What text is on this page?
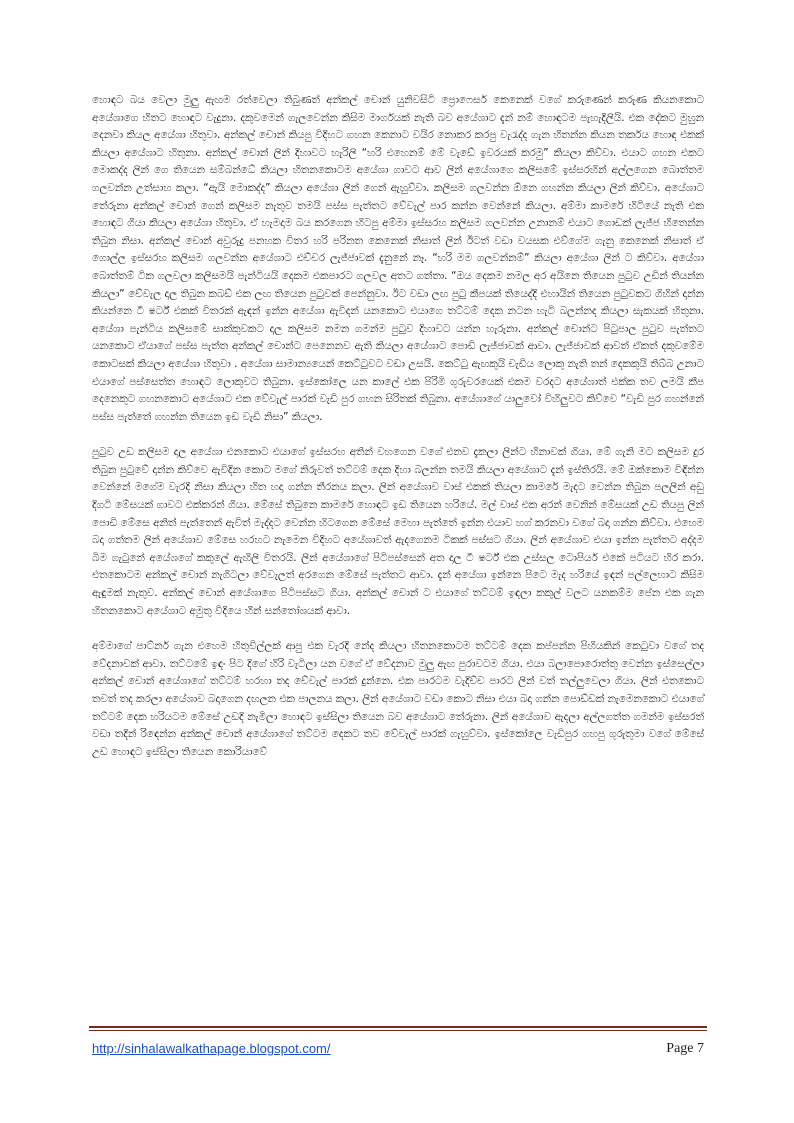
හොඳට බය වෙලා මුලු ඇඟම රත්වෙලා තිබුණත් අන්කල් චොන් යුනිවසිටි ප්‍රොෆෙසර් කෙනෙක් වගේ කරුණෙන් කරුණ කියනකොට අයේශාගෙ හිතට හොඳට වැදුනා. දකුවමෙන් ගැලවෙන්න කිසිම මාර්ගයක් නැති බව අයේශාට දැන් නම් හොඳටම පැහැදිලියි. එක දේකට මුහුන දෙනවා කියල අයේශා හිතුවා. අන්කල් චොන් කියපු විදිහට ගහන කෙනාට වයිර නොකර කරපු වැරැද්ද ගැන හිතන්න කියන තර්කය හොඳ එකක් කියලා අයේශාට හිතුනා. අන්කල් චොන් ලින් දිහාවට හැරිලි “හරි එහෙනම් මේ වැඩේ ඉවරයක් කරමු” කියලා කිව්වා. එයාට ගහන එකට මොකද්ද ලින් ගෙ තියෙන සම්බන්ධේ කියලා හිතනකොටම අයේශා ගාවට ආව ලින් අයේශාගෙ කලිසමේ ඉස්සරහින් අල්ලගෙන බොත්තම ගලවන්න උත්සාහ කලා. “ඇයි මොකද්ද” කියලා අයේශා ලින් ගෙන් ඇහුව්වා. කලිසම ගලවන්න ඕනෙ ගහන්න කියලා ලින් කිව්වා. අයේශාට තේරුනා අන්කල් චොන් ගෙන් කලිසම නැතුව තමයි පස්ස පැත්තට වේවැල් පාර කන්න වෙන්නේ කියලා. අම්මා කාමරේ හිටියේ නැති එක හොඳට ගියා කියලා අයේශා හිතුවා. ඒ හැමදාම බය කරගෙන හිටපු අම්මා ඉස්සරහ කලිසම ගලවන්න උනානම් එයාට ගොඩක් ලැජ්ජ හිතෙන්න තිබුන නිසා. අන්කල් චොන් අවුරුදු පනහක විතර හරි පරිනත කෙනෙක් නිසාත් ලින් ඊටත් වඩා වයසක එව්ගේම ගැනු කෙනෙක් නිසාත් ඒ ගොල්ල ඉස්සරහ කලිසම ගලවන්න අයේශාට එච්චර ලැජ්ජාවක් දැනුනේ නෑ. “හරි මම ගලවන්නම්” කියලා අයේශා ලින් ට කිව්වා. අයේශා බොත්තම් ටික ගලවලා කලිසමයි පැන්ටියයි දෙකම එකපාරට ගලවල අතට ගත්තා. “ඔය දෙකම නමල අර අයිනෙ තියෙන පුටුව උඩින් තියන්න කියලා” චේවැල දාල තිබුන කබඩ් එක ලඟ තියෙන පුටුවක් පෙන්නුවා. ඊට වඩා ලඟ පුටු කීපයක් තියෙද්දි එහායින් තියෙන පුටුවකට ගිහින් දාන්න කියන්නෙ ටී ෂර්ට් එකක් විතරක් ඇඳන් ඉන්න අයේශා ඇවිදන් යනකොට එයාගෙ තට්ටම් දෙක නටන හැටි බලන්නද කියලා සැකයක් හිතුනා. අයේශා පැන්ටිය කලිසමේ සාක්කුවකට දාල කලිසම නමන ගමන්ම පුටුව දිහාවට යන්න හැරුනා. අන්කල් චොන්ට පිටුපාල පුටුව පැත්තට යනකොට ඒයාගේ පස්ස පැත්ත අන්කල් චොන්ට පෙනෙනව ඇති කියලා අයේශාට පොඩි ලැජ්ජාවක් ආවා. ලැජ්ජාවක් ආවත් ඒකත් දකුවමේම කොටසක් කියලා අයේශා හිතුවා . අයේශා සාමාන්‍යයෙන් කෙට්ටුවට වඩා උසයි. කෙට්ටු ඇඟකුයි චැඩිය ලොකු නැති තන් දෙකකුයි තිබ්බ උනාට එයාගේ පස්සෙත්ත හොඳට ලොකුවට තිබුනා. ඉස්කෝලෙ යන කාලේ එක පිරිමි ගුරුවරයෙක් එකම වරදට අයේශාත් එක්ක තව ලමයි කීප දෙනෙකුට ගහනකොට අයේශාට එක වේවැල් පාරක් වැඩි පුර ගහන සිරිතක් තිබුනා. අයේශාගේ යාලුවෝ විහිලුවට කිව්වෙ “වැඩි පුර ගහන්නේ පස්ස පැත්තේ ගහන්න තියෙන ඉඩ වැඩි නිසා” කියලා.

පුටුව උඩ කලිසම දාල අයේශා එනකොට එයාගේ ඉස්සරහ අතින් වහගෙන වගේ එනව දැකලා ලින්ට හිනාවක් ගියා. මේ ගැනි මට කලිසම දුර තිබුන පුටුවේ දාන්න කිව්වෙ ඇවිදින කොට මගේ නිරුවත් තට්ටම් දෙක දිහා බලන්න තමයි කියලා අයේශාට දැන් ඉස්තිරයි. මේ ඔක්කොම විඳින්න වෙන්නේ මගේම වැරදි නිසා කියලා හිත හදා ගන්න තීරනය කලා. ලින් අයේශාව වාස් එකක් තියලා කාමරේ මැදට වෙන්න තිබුන පලලින් අඩු දිගටි මේසයක් ගාවට එක්කරන් ගියා. මේසේ තිබුනෙ කාමරේ හොඳට ඉඩ තියෙන හරියේ. මල් වාස් එක අරන් වෙනින් මේසයක් උඩ තියපු ලින් පොඩි මේසෙ අනිත් පැත්තෙන් ඇවිත් මැද්දට වෙන්න හිටගෙන මේසේ මෙහා පැත්තේ ඉන්න එයාව හග් කරනවා වගේ බදා ගන්න කිව්වා. එහෙම බදා ගත්තම ලින් අයේශාව මේසෙ හරහට නැමෙන විදිහට අයේශාවත් ඇදගෙනම ටිකක් පස්සට ගියා. ලින් අයේශාව එයා ඉන්න පැත්තට අද්දම බිම ගැටුනේ අයේශගේ කකුලේ ඇඟිලි විතරයි. ලින් අයේශාගේ පිටිපස්සෙන් අත දාල ටී ෂර්ට් එක උස්සල ටොපියර් එකේ පටියට හිර කරා. එතකොටම අන්කල් චොන් නැගිටලා වේවැලත් අරගෙන මේසේ පැත්තට ආවා. දැන් අයේශා ඉන්නෙ පිටෙ මැද හරියේ ඉඳන් පල්ලෙහාට කිසිම ඇඳුමක් නැතුව. අන්කල් චොන් අයේශාගෙ පිටිපස්සට ගියා. අන්කල් චොන් ට එයාගේ තට්ටම් ඉඳලා කකුල් වලට යනකම්ම පේන එක ගැන හිතනකොට අයේශාට අමුතු විදියෙ හීන් සන්තෝශයක් ආවා.

අම්මාගේ පාට්නර් ගැන එහෙම හිතුවිල්ලක් ආපු එක වැරදි නේද කියලා හිතනකොටම තට්ටම් දෙක කප්පන්න පිහියකින් කෙටුවා වගේ තද වේදනාවක් ආවා. තට්ටමේ ඉඳං පිට දිගේ හිරි වැටිලා යන වගේ ඒ වේදනාව මුලු ඇඟ පුරාවටම ගියා. එයා බලාපොරොත්තු වෙන්න ඉස්සෙල්ලා අන්කල් චොන් අයේශාගේ තට්ටම් හරහා තද චේවැල් පාරක් දුන්නෙ. එක පාරටම වැදිච්ච පාරට ලින් වත් තල්ලුවෙලා ගියා. ලින් එතකොට තවත් තද කරලා අයේශාව බදාගෙන දඟලන එක පාලනය කලා. ලින් අයේශාට වඩා කොට නිසා එයා බදා ගන්න පොඩ්ඩක් නැමෙනකොට එයාගේ තට්ටම් දෙක හරියටම මේසේ උඩදි නැමිලා හොඳට ඉස්සිලා තියෙන බව අයේශාට තේරුනා. ලින් අයේශාව ඇදලා අල්ලගත්ත ගමන්ම ඉස්සරත් වඩා තදින් රිඳෙන්න අන්කල් චොන් අයේශාගේ තට්ටම දෙකට තව වේවැල් පාරක් ගැහුව්වා. ඉස්කෝලෙ වැඩිපුර ගහපු ගුරුතුමා වගේ මේසේ උඩ හොඳට ඉස්සිලා තියෙන කොරියාවේ

http://sinhalawalkathapage.blogspot.com/	Page 7
